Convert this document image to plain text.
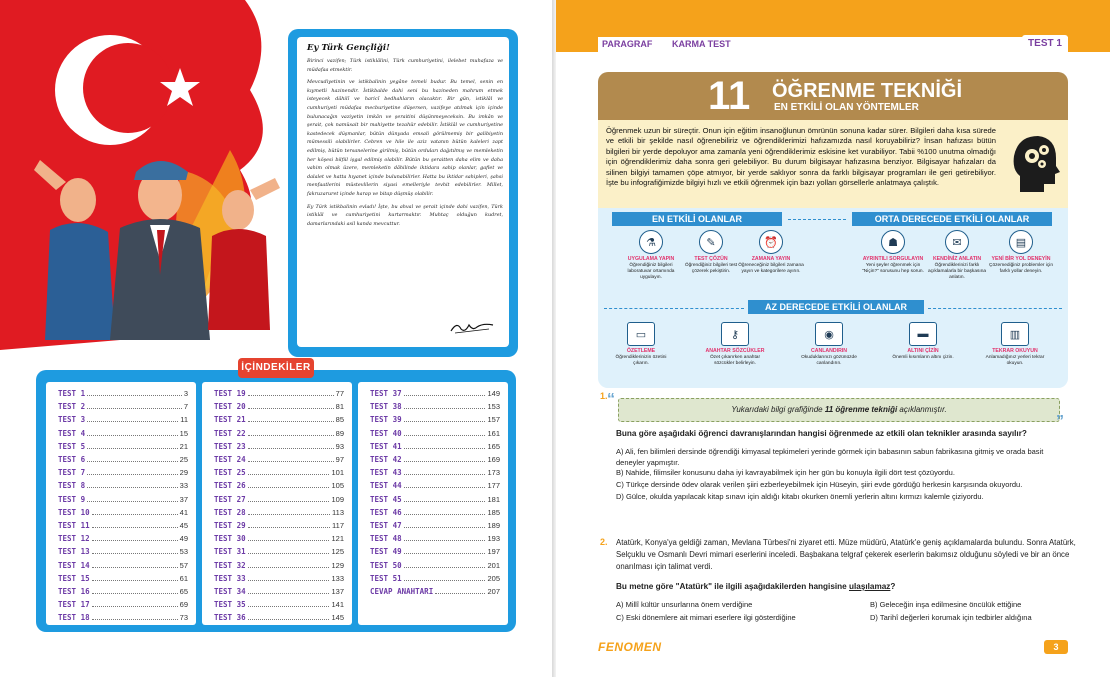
Ey Türk Gençliği!

Birinci vazifen; Türk istiklâlini, Türk cumhuriyetini, ilelebet muhafaza ve müdafaa etmektir.

Mevcudiyetinin ve istikbalinin yegâne temeli budur. Bu temel, senin en kıymetli hazinendir. İstikbalde dahi seni bu hazineden mahrum etmek isteyecek dâhilî ve haricî bedhahların olacaktır. Bir gün, istiklâl ve cumhuriyeti müdafaa mecburiyetine düşersen, vazifeye atılmak için içinde bulunacağın vaziyetin imkân ve şeraitini düşünmeyeceksin. Bu imkân ve şerait, çok namüsait bir mahiyette tezahür edebilir. İstiklâl ve cumhuriyetine kastedecek düşmanlar, bütün dünyada emsali görülmemiş bir galibiyetin mümessili olabilirler. Cebren ve hile ile aziz vatanın bütün kaleleri zapt edilmiş, bütün tersanelerine girilmiş, bütün orduları dağıtılmış ve memleketin her köşesi bilfiil işgal edilmiş olabilir. Bütün bu şeraitten daha elim ve daha vahim olmak üzere, memleketin dâhilinde iktidara sahip olanlar, gaflet ve dalalet ve hatta hıyanet içinde bulunabilirler. Hatta bu iktidar sahipleri, şahsi menfaatlerini müstevlilerin siyasi emelleriyle tevhit edebilirler. Millet, fakruzaruret içinde harap ve bitap düşmüş olabilir.

Ey Türk istikbalinin evladı! İşte, bu ahval ve şerait içinde dahi vazifen, Türk istiklâl ve cumhuriyetini kurtarmaktır. Muhtaç olduğun kudret, damarlarındaki asil kanda mevcuttur.

İÇİNDEKİLER
TEST 1	3
TEST 2	7
TEST 3	11
TEST 4	15
TEST 5	21
TEST 6	25
TEST 7	29
TEST 8	33
TEST 9	37
TEST 10	41
TEST 11	45
TEST 12	49
TEST 13	53
TEST 14	57
TEST 15	61
TEST 16	65
TEST 17	69
TEST 18	73
TEST 19	77
TEST 20	81
TEST 21	85
TEST 22	89
TEST 23	93
TEST 24	97
TEST 25	101
TEST 26	105
TEST 27	109
TEST 28	113
TEST 29	117
TEST 30	121
TEST 31	125
TEST 32	129
TEST 33	133
TEST 34	137
TEST 35	141
TEST 36	145
TEST 37	149
TEST 38	153
TEST 39	157
TEST 40	161
TEST 41	165
TEST 42	169
TEST 43	173
TEST 44	177
TEST 45	181
TEST 46	185
TEST 47	189
TEST 48	193
TEST 49	197
TEST 50	201
TEST 51	205
CEVAP ANAHTARI	207
PARAGRAF KARMA TEST	TEST 1
11 ÖĞRENME TEKNİĞİ
EN ETKİLİ OLAN YÖNTEMLER
Öğrenmek uzun bir süreçtir. Onun için eğitim insanoğlunun ömrünün sonuna kadar sürer. Bilgileri daha kısa sürede ve etkili bir şekilde nasıl öğrenebiliriz ve öğrendiklerimizi hafızamızda nasıl koruyabiliriz? İnsan hafızası bütün bilgileri bir yerde depoluyor ama zamanla yeni öğrendiklerimiz eskisine ket vurabiliyor. Tabii %100 unutma olmadığı için öğrendiklerimiz daha sonra geri gelebiliyor. Bu durum bilgisayar hafızasına benziyor. Bilgisayar hafızaları da silinen bilgiyi tamamen çöpe atmıyor, bir yerde saklıyor sonra da farklı bilgisayar programları ile geri getirebiliyor. İşte bu infografiğimizde bilgiyi hızlı ve etkili öğrenmek için bazı yolları görsellerle anlatmaya çalıştık.
EN ETKİLİ OLANLAR	ORTA DERECEDE ETKİLİ OLANLAR
AZ DERECEDE ETKİLİ OLANLAR
⚗
UYGULAMA YAPIN
Öğrendiğiniz bilgileri laboratuvar ortamında uygulayın.
✎
TEST ÇÖZÜN
Öğrendiğiniz bilgileri test çözerek pekiştirin.
⏰
ZAMANA YAYIN
Öğreneceğiniz bilgileri zamana yayın ve kategorilere ayırın.
☗
AYRINTILI SORGULAYIN
Yeni şeyler öğrenmek için "Niçin?" sorusunu hep sorun.
✉
KENDİNİZ ANLATIN
Öğrendiklerinizi farklı açıklamalarla bir başkasına anlatın.
▤
YENİ BİR YOL DENEYİN
Çözemediğiniz problemler için farklı yollar deneyin.
▭
ÖZETLEME
Öğrendiklerinizin özetini çıkarın.
⚷
ANAHTAR SÖZCÜKLER
Özet çıkarırken anahtar sözcükler belirleyin.
◉
CANLANDIRIN
Okuduklarınızı gözünüzde canlandırın.
▬
ALTINI ÇİZİN
Önemli kısımların altını çizin.
▥
TEKRAR OKUYUN
Anlamadığınız yerleri tekrar okuyun.
1. “
Yukarıdaki bilgi grafiğinde 11 öğrenme tekniği açıklanmıştır.
”
Buna göre aşağıdaki öğrenci davranışlarından hangisi öğrenmede az etkili olan teknikler arasında sayılır?
A) Ali, fen bilimleri dersinde öğrendiği kimyasal tepkimeleri yerinde görmek için babasının sabun fabrikasına gitmiş ve orada basit deneyler yapmıştır.
B) Nahide, filimsiler konusunu daha iyi kavrayabilmek için her gün bu konuyla ilgili dört test çözüyordu.
C) Türkçe dersinde ödev olarak verilen şiiri ezberleyebilmek için Hüseyin, şiiri evde gördüğü herkesin karşısında okuyordu.
D) Gülce, okulda yapılacak kitap sınavı için aldığı kitabı okurken önemli yerlerin altını kırmızı kalemle çiziyordu.
2. Atatürk, Konya'ya geldiği zaman, Mevlana Türbesi'ni ziyaret etti. Müze müdürü, Atatürk'e geniş açıklamalarda bulundu. Sonra Atatürk, Selçuklu ve Osmanlı Devri mimari eserlerini inceledi. Başbakana telgraf çekerek eserlerin bakımsız olduğunu söyledi ve bir an önce onarılması için talimat verdi.
Bu metne göre "Atatürk" ile ilgili aşağıdakilerden hangisine ulaşılamaz?
A) Millî kültür unsurlarına önem verdiğine	B) Geleceğin inşa edilmesine öncülük ettiğine
C) Eski dönemlere ait mimari eserlere ilgi gösterdiğine	D) Tarihî değerleri korumak için tedbirler aldığına
FENOMEN	3
